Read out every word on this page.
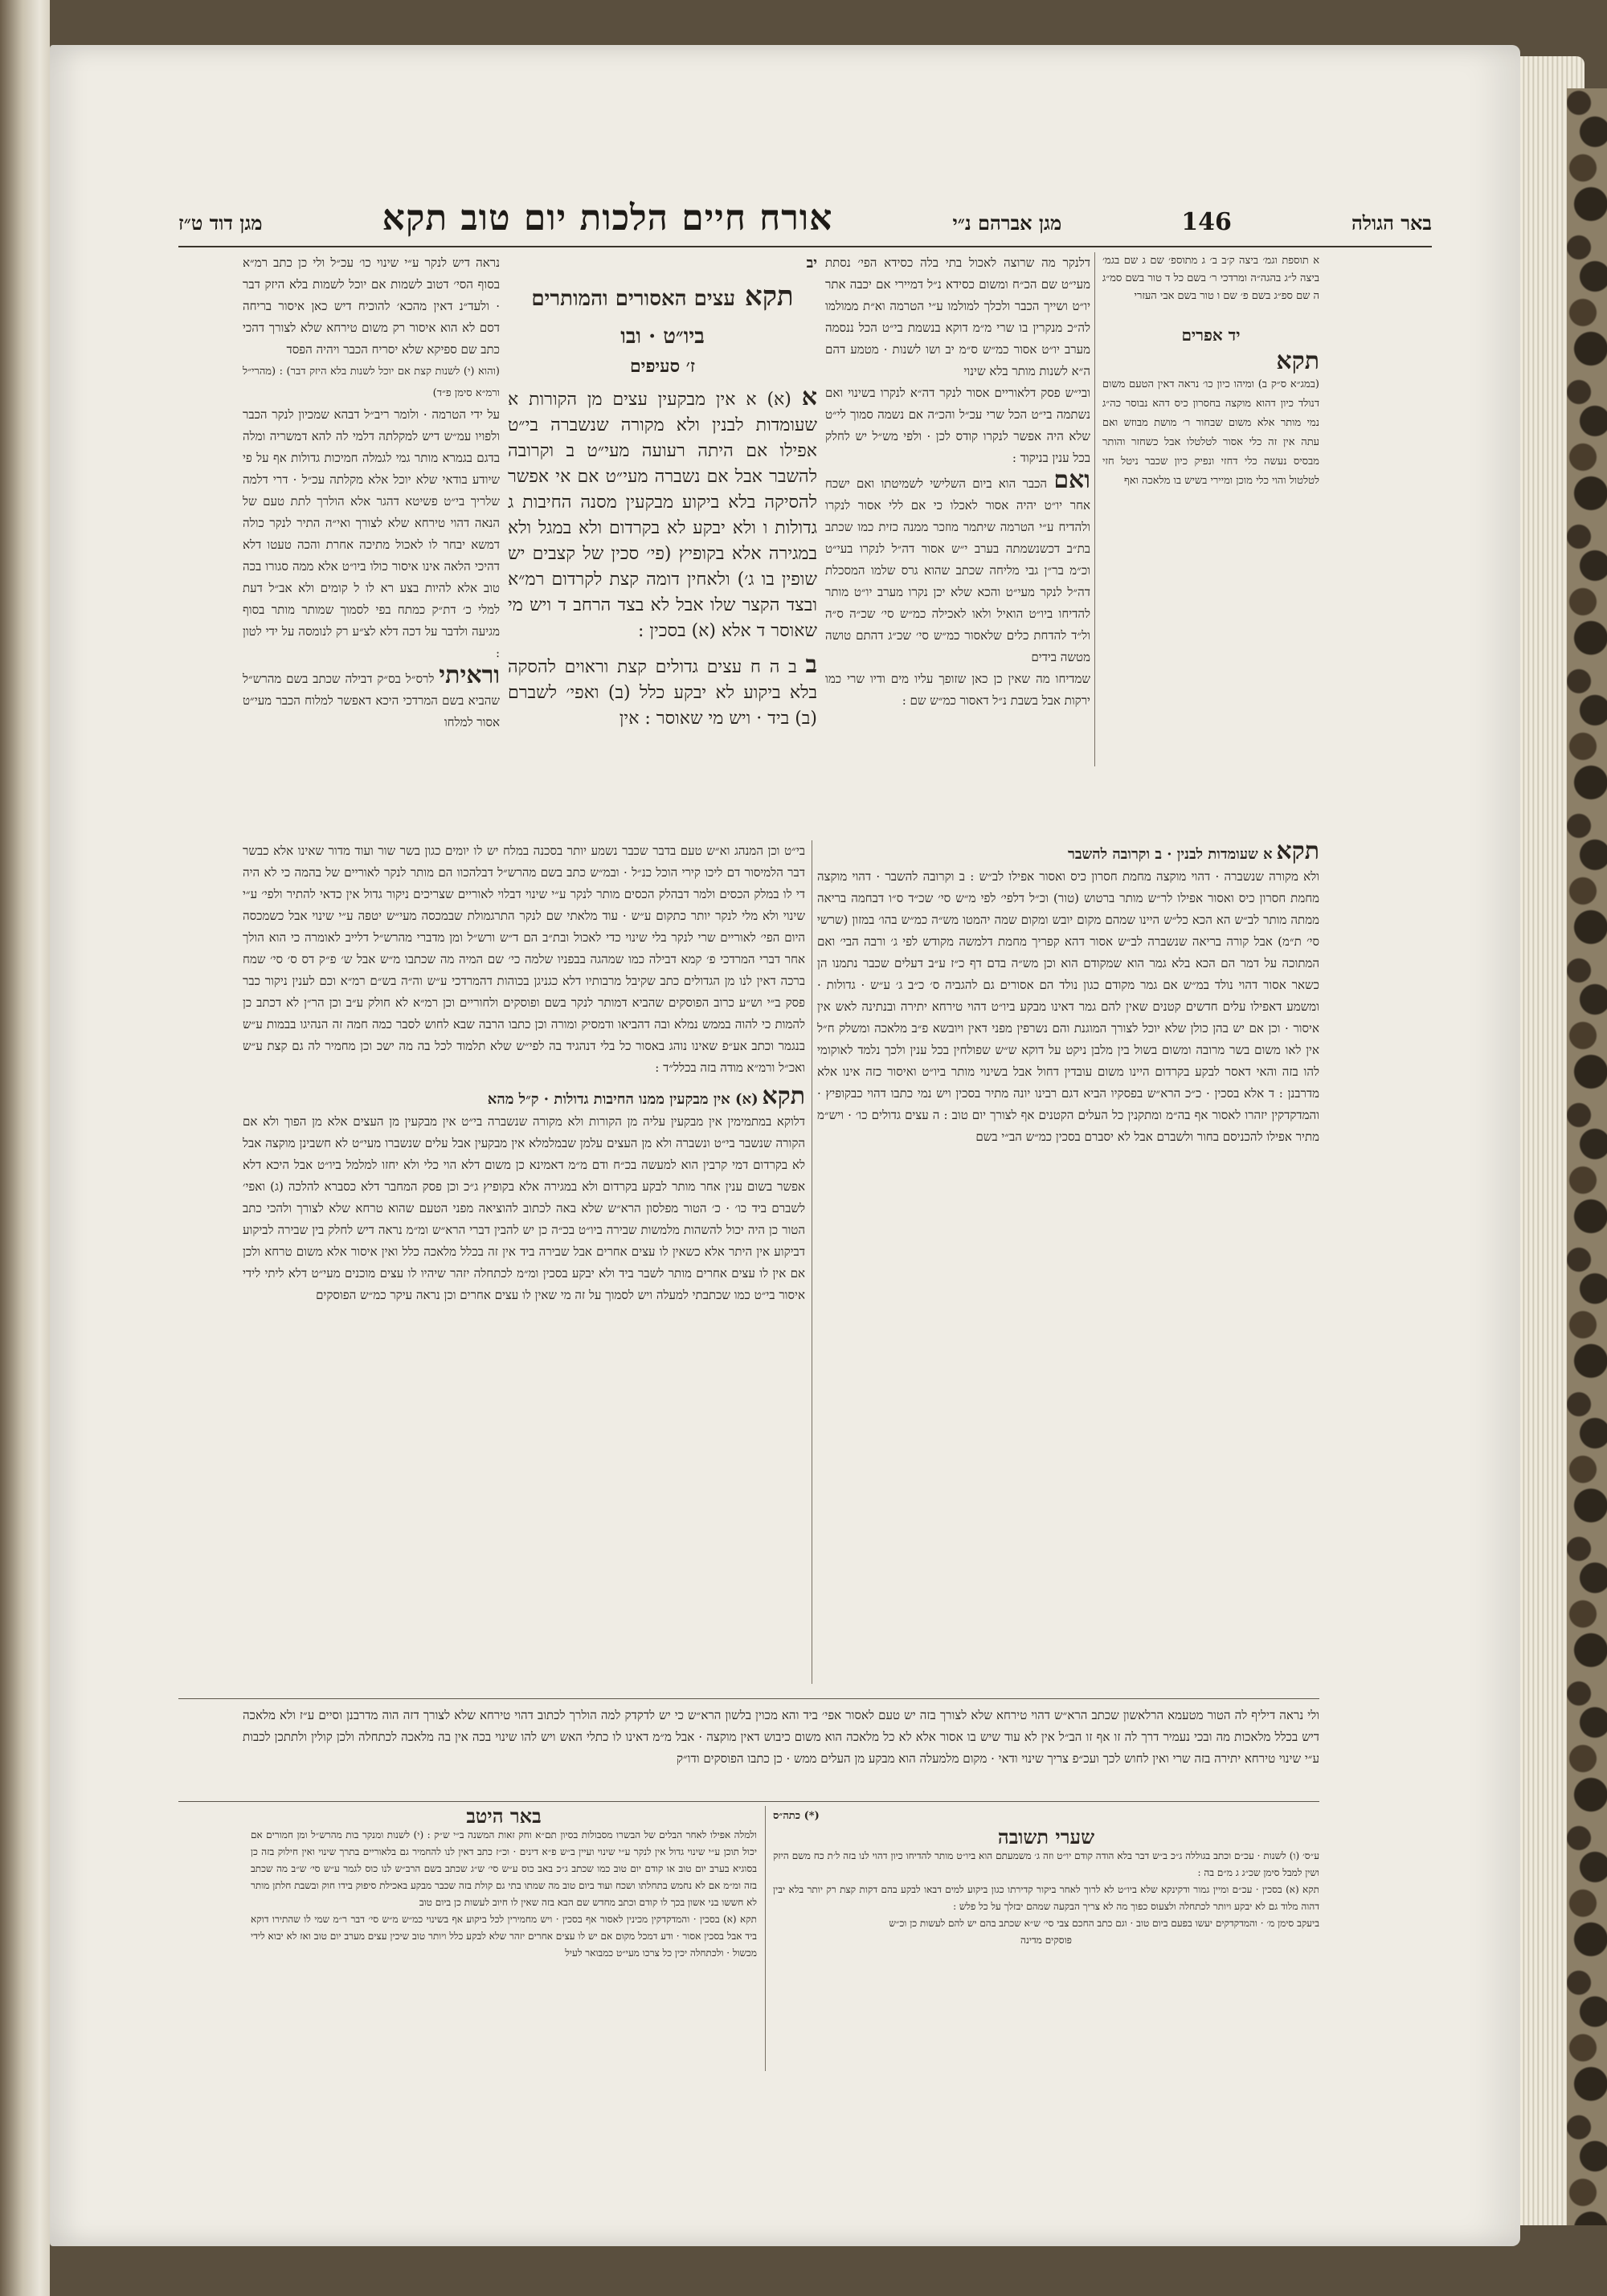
באר הגולה
146
מגן אברהם נ״י
אורח חיים הלכות יום טוב תקא
מגן דוד ט״ז

א תוספת וגמ׳ ביצה ק׳ב ב׳ ג מתוספ׳ שם ג שם בגמ׳ ביצה ל״ג בהגה״ה ומרדכי ר׳ בשם כל ד טור בשם סמ״ג ה שם ספ״ג בשם פ׳ שם ו טור בשם אבי העזרי

יד אפרים

תקא

(במג״א ס״ק ב) ומיהו כיון כו׳ נראה דאין הטעם משום דנולד כיון דהוא מוקצה בחסרון כיס דהא נבוסר כה״ג נמי מותר אלא משום שבחור ר׳ מושת מבוזש ואם עתה אין זה כלי אסור לטלטלו אבל כשחזר והותר מבסיס נעשה כלי דחזי ונפיק כיון שכבר ניטל חזי לטלטול והוי כלי מוכן ומיירי בשיש בו מלאכה ואף

דלנקר מה שרוצה לאכול בתי בלה כסידא הפי׳ נסתת מעי״ט שם הכ״ח ומשום כסידא נ״ל דמיירי אם יכבה אתר יו״ט ושייך הכבר ולכלך למולמו ע״י הטרמה וא״ת ממולמו לה״כ מנקרין בו שרי מ״מ דוקא בנשמת בי״ט הכל ננסמה מערב יו״ט אסור כמ״ש ס״מ יב ושו לשנות · מטמע דהם ה״א לשנות מותר בלא שינוי

ובי״ש פסק דלאוריים אסור לנקר דה״א לנקרו בשינוי ואם נשתמה בי״ט הכל שרי עכ״ל והכ״ה אם נשמה סמוך לי״ט שלא היה אפשר לנקרו קודס לכן · ולפי מש״ל יש לחלק בכל ענין בניקוד :

ואם הכבר הוא ביום השלישי לשמיטתו ואם ישכח אחר יו״ט יהיה אסור לאכלו כי אם ללי אסור לנקרו ולהדיח ע״י הטרמה שיתמר מוזכר ממנה כזית כמו שכתב בת״ב דכשנשמתה בערב י״ש אסור דה״ל לנקרו בעי״ט וכ״מ בר״ן גבי מליחה שכתב שהוא גרס שלמו המסכלת דה״ל לנקר מעי״ט והכא שלא יכן נקרו מערב יו״ט מותר להדיחו ביו״ט הואיל ולאו לאכילה כמ״ש סי׳ שכ״ה ס״ה ול״ד להדחת כלים שלאסור כמ״ש סי׳ שכ״ג דהתם טושה מטשה בידים

שמדיחו מה שאין כן כאן שזופך עליו מים ודיו שרי כמו ירקות אבל בשבת נ״ל דאסור כמ״ש שם :

נראה דיש לנקר ע״י שינוי כו׳ עכ״ל ולי כן כתב רמ״א בסוף הסי׳ דטוב לשמות אם יוכל לשמות בלא היזק דבר · ולעד״נ דאין מהכא׳ להוכיח דיש כאן איסור בריחה דסם לא הוא איסור רק משום טירחא שלא לצורך דהכי כתב שם ספיקא שלא יסריח הכבר ויהיה הפסד

(והוא (י) לשנות קצת אם יוכל לשנות בלא היזק דבר) : (מהרי״ל ורמ״א סימן פ״ד)

על ידי הטרמה · ולומר ריב״ל דבהא שמכיון לנקר הכבר ולפויו עמ״ש דיש למקלתה דלמי לה להא דמשריה ומלה בדגם בגמרא מותר גמי לגמלה חמיכות גדולות אף על פי שיודע בודאי שלא יוכל אלא מקלתה עכ״ל · דרי דלמה שלריך בי״ט פשיטא דהגר אלא הולרך לתת טעם של הנאה דהוי טירחא שלא לצורך ואי״ה התיר לנקר כולה דמשא יבחר לו לאכול מתיכה אחרת והכה טעטו דלא דהיכי הלאה אינו איסור כולו ביו״ט אלא ממה סגורו בכה טוב אלא להיות בצע רא לו ל קומים ולא אב״ל דעת למלי כ׳ דת״ק כמתח בפי לסמוך שמותר מותר בסוף מגיעה ולדבר על דכה דלא לצ״ע רק לנומסה על ידי לטון :

וראיתי לרס״ל בס״ק דבילה שכתב בשם מהרש״ל שהביא בשם המרדכי היכא דאפשר למלוח הכבר מעי״ט אסור למלחו

יב

תקא עצים האסורים והמותרים ביו״ט · ובו

ז׳ סעיפים

א (א) א אין מבקעין עצים מן הקורות א שעומדות לבנין ולא מקורה שנשברה בי״ט אפילו אם היתה רעועה מעי״ט ב וקרובה להשבר אבל אם נשברה מעי״ט אם אי אפשר להסיקה בלא ביקוע מבקעין מסנה החיבות ג גדולות ו ולא יבקע לא בקרדום ולא במגל ולא במגירה אלא בקופיץ (פי׳ סכין של קצבים יש שופין בו ג׳) ולאחין דומה קצת לקרדום רמ״א ובצד הקצר שלו אבל לא בצד הרחב ד ויש מי שאוסר ד אלא (א) בסכין :

ב ב ה ח עצים גדולים קצת וראוים להסקה בלא ביקוע לא יבקע כלל (ב) ואפי׳ לשברם (ב) ביד · ויש מי שאוסר : אין

בי״ט וכן המנהג וא״ש טעם בדבר שכבר נשמע יותר בסכנה במלח יש לו יומים כגון בשר שור ועוד מדור שאינו אלא כבשר דבר הלמיסור דם ליכו קירי הוכל כנ״ל · ובמ״ש כתב בשם מהרש״ל דבלהכוו הם מותר לנקר לאוריים של בהמה כי לא היה די לו במלק הכסים ולמר דבהלק הכסים מותר לנקר ע״י שינוי דבלוי לאוריים שצריכים ניקור גדול אין כדאי להתיר ולפי׳ ע״י שינוי ולא מלי לנקר יותר כתקום ע״ש · עוד מלאתי שם לנקר התרגמולת שבמכסה מעי״ש יטפה ע״י שינוי אבל כשמכסה היום הפי׳ לאוריים שרי לנקר בלי שינוי כדי לאכול ובת״ב הם ד״ש ורש״ל ומן מדברי מהרש״ל דלייב לאומרה כי הוא הולך אחר דברי המרדכי פ׳ קמא דבילה כמו שמהגה בבפניו שלמה כי׳ שם המיה מה שכתבו מ״ש אבל ש׳ פ״ק דס ס׳ סי׳ שמח ברכה דאין לנו מן הגדולים כתב שקיבל מרבותיו דלא כגניגן בכוהות דהמרדכי ע״ש וה״ה בש״ם רמ״א וכם לענין ניקור כבר פסק ב״י וש״ע כרוב הפוסקים שהביא דמותר לנקר בשם ופוסקים ולחוריים וכן רמ״א לא חולק ע״ב וכן הר״ן לא דכתב כן להמות כי להוה בממש נמלא ובה דהביאו ודמסיק ומורה וכן כתבו הרבה שבא לחוש לסבר כמה חמה זה הנהיגו בבמות ע״ש בנגמר וכתב אע״פ שאינו נוהג באסור כל בלי דנהגיד בה לפי״ש שלא תלמוד לכל בה מה ישכ וכן מחמיר לה גם קצת ע״ש ואכ״ל ורמ״א מודה בזה בכלל״ד :

תקא (א) אין מבקעין ממנו החיבות גדולות · ק״ל מהא

דלוקא במתמימין אין מבקעין עליה מן הקורות ולא מקורה שנשברה בי״ט אין מבקעין מן העצים אלא מן הפוך ולא אם הקורה שנשבר בי״ט ונשברה ולא מן העצים עלמן שבמלמלא אין מבקעין אבל עלים שנשברו מעי״ט לא חשבינן מוקצה אבל לא בקרדום דמי קרבין הוא למעשה בכ״ח ודם מ״מ דאמינא כן משום דלא הוי כלי ולא יחזו למלמל ביו״ט אבל היכא דלא אפשר בשום ענין אחר מותר לבקע בקרדום ולא במגירה אלא בקופיץ ג״כ וכן פסק המחבר דלא כסברא להלכה (ג) ואפי׳ לשברם ביד כו׳ · כ׳ הטור מפלסון הרא״ש שלא באה לכתוב להוציאה מפני הטעם שהוא טרחא שלא לצורך ולהכי כתב הטור כן היה יכול להשהות מלמשות שבירה ביו״ט בכ״ה כן יש להבין דברי הרא״ש ומ״מ נראה דיש לחלק בין שבירה לביקוע דביקוע אין היתר אלא כשאין לו עצים אחרים אבל שבירה ביד אין זה בכלל מלאכה כלל ואין איסור אלא משום טרחא ולכן אם אין לו עצים אחרים מותר לשבר ביד ולא יבקע בסכין ומ״מ לכתחלה יזהר שיהיו לו עצים מוכנים מעי״ט דלא ליתי לידי איסור בי״ט כמו שכתבתי למעלה ויש לסמוך על זה מי שאין לו עצים אחרים וכן נראה עיקר כמ״ש הפוסקים

תקא א שעומדות לבנין · ב וקרובה להשבר

ולא מקורה שנשברה · דהוי מוקצה מחמת חסרון כיס ואסור אפילו לב״ש : ב וקרובה להשבר · דהוי מוקצה מחמת חסרון כיס ואסור אפילו לר״ש מותר ברטוש (טור) וכ״ל דלפי׳ לפי מ״ש סי׳ שכ״ד ס״ו דבחמה בריאה ממתה מותר לב״ש הא הכא כל״ש היינו שמהם מקום יובש ומקום שמה יהמטו מש״ה כמ״ש בהו׳ במזון (שרשי סי׳ ת״מ) אבל קורה בריאה שנשברה לב״ש אסור דהא קפריך מחמת דלמשה מקודש לפי ג׳ ורבה הבי׳ ואם המתוכה על דמר הם הכא בלא גמר הוא שמקודם הוא וכן מש״ה בדם דף כ״ז ע״ב דעלים שכבר נתמנו הן כשאר אסור דהוי נולד במ״ש אם גמר מקודם כגון נולד הם אסורים גם להגביה ס׳ כ״ב ג׳ ע״ש · גדולות · ומשמע דאפילו עלים חדשים קטנים שאין להם גמר דאינו מבקע ביו״ט דהוי טירחא יתירה ובנתינה לאש אין איסור · וכן אם יש בהן כולן שלא יוכל לצורך המוגנת והם נשרפין מפני דאין ויובשא פ״ב מלאכה ומשלק ח״ל אין לאו משום בשר מרובה ומשום בשול בין מלבן ניקט על דוקא ש״ש שפולחין בכל ענין ולכך נלמד לאוקומי להו בזה והאי דאסר לבקע בקרדום היינו משום עובדין דחול אבל בשינוי מותר ביו״ט ואיסור כזה אינו אלא מדרבנן : ד אלא בסכין · כ״כ הרא״ש בפסקיו הביא דגם רבינו יונה מתיר בסכין ויש נמי כתבו דהוי כבקופיץ · והמדקדקין יזהרו לאסור אף בה״מ ומתקנין כל העלים הקטנים אף לצורך יום טוב : ה עצים גדולים כו׳ · ויש״מ מתיר אפילו להכניסם בחור ולשברם אבל לא יסברם בסכין כמ״ש הב״י בשם

ולי נראה דיליף לה הטור מטעמא הרלאשון שכתב הרא״ש דהוי טירחא שלא לצורך בזה יש טעם לאסור אפי׳ ביד והא מכוין בלשון הרא״ש כי יש לדקדק למה הולרך לכתוב דהוי טירחא שלא לצורך דזה הוה מדרבנן וסיים ע״ז ולא מלאכה דיש בכלל מלאכות מה ובכי נעמיר דרך לה זו אף זו הב״ל אין לא עוד שיש בו אסור אלא לא כל מלאכה הוא משום כיבוש דאין מוקצה · אבל מ״מ דאינו לו כתלי האש ויש להו שינוי בכה אין בה מלאכה לכתחלה ולכן קולין ולתתכן לכבות ע״י שינוי טירחא יתירה בזה שרי ואין לחוש לכך ועכ״פ צריך שינוי ודאי · מקום מלמעלה הוא מבקע מן העלים ממש · כן כתבו הפוסקים ודו״ק

באר היטב

ולמלה אפילו לאחר הבלים של הבשרו מסבולות בסיון תם״א וחק זאות המשנה ב״י ש״ק : (י) לשנות ומנקר בות מהרש״ל ומן חמורים אם יכול תוכן ע״י שינוי גדול אין לנקר ע״י שינוי ועיין ב״ש פ״א דינים · וכ״ז כתב דאין לנו להחמיר גם בלאוריים בתרך שינוי ואין חילוק בזה כן בסוגיא בערב יום טוב או קודם יום טוב כמו שכתב ג״כ באב כוס ע״ש סי׳ ש״ג שכתב בשם הרב״ש לנו כוס לגמר ע״ש סי׳ ש״ב מה שכתב בזה ומ״מ אם לא נחמש בתחלתו ושכח ועוד ביום טוב מה שמתו בתי גם קולת בזה שכבר מבקע באכילת סיפוק בידו חוק ובשבת חלתן מותר לא חששו בני אשון בכך לו קודם וכתב מחדש שם הבא בזה שאין לו חיוב לעשות כן ביום טוב

תקא (א) בסכין · והמדקדקין מכינין לאסור אף בסכין · ויש מחמירין לכל ביקוע אף בשינוי כמ״ש מ״ש סי׳ דבר ר״מ שמי לו שהתירו דוקא ביד אבל בסכין אסור · ודע דמכל מקום אם יש לו עצים אחרים יזהר שלא לבקע כלל ויותר טוב שיכין עצים מערב יום טוב ואז לא יבוא לידי מכשול · ולכתחלה יכין כל צרכו מעי״ט כמבואר לעיל

(*) כתה״ס

שערי תשובה

ע״ס׳ (ו) לשנות · עכ״ם וכתב בגוללה ג״כ ב״ש דבר בלא הודה קודם יו״ט וזה ג׳ משמעתם הוא ביו״ט מותר להדיחו כיון דהוי לנו בזה ל׳ת כח משם היזק ושין למבל סימן שכ״ג ג מ״ם בה :

תקא (א) בסכין · עכ״ם ומיין גמור ודקינקא שלא ביו״ט לא לרוך לאחר ביקור קדירתו כגון ביקוע למים דבאו לבקע בהם דקות קצת רק יותר בלא יבין דהוה מלוד גם לא יבקע ויותר לכתחלה ולצעוס כפוך מה לא צריך הבקעה שמהם יבזלך על כל פלש :

ביעקב סימן מ׳ · והמדקדקים יעשו בפעם ביום טוב · וגם כתב החכם צבי סי׳ ש״א שכתב בהם יש להם לעשות כן וכ״ש

פוסקים מדינה
